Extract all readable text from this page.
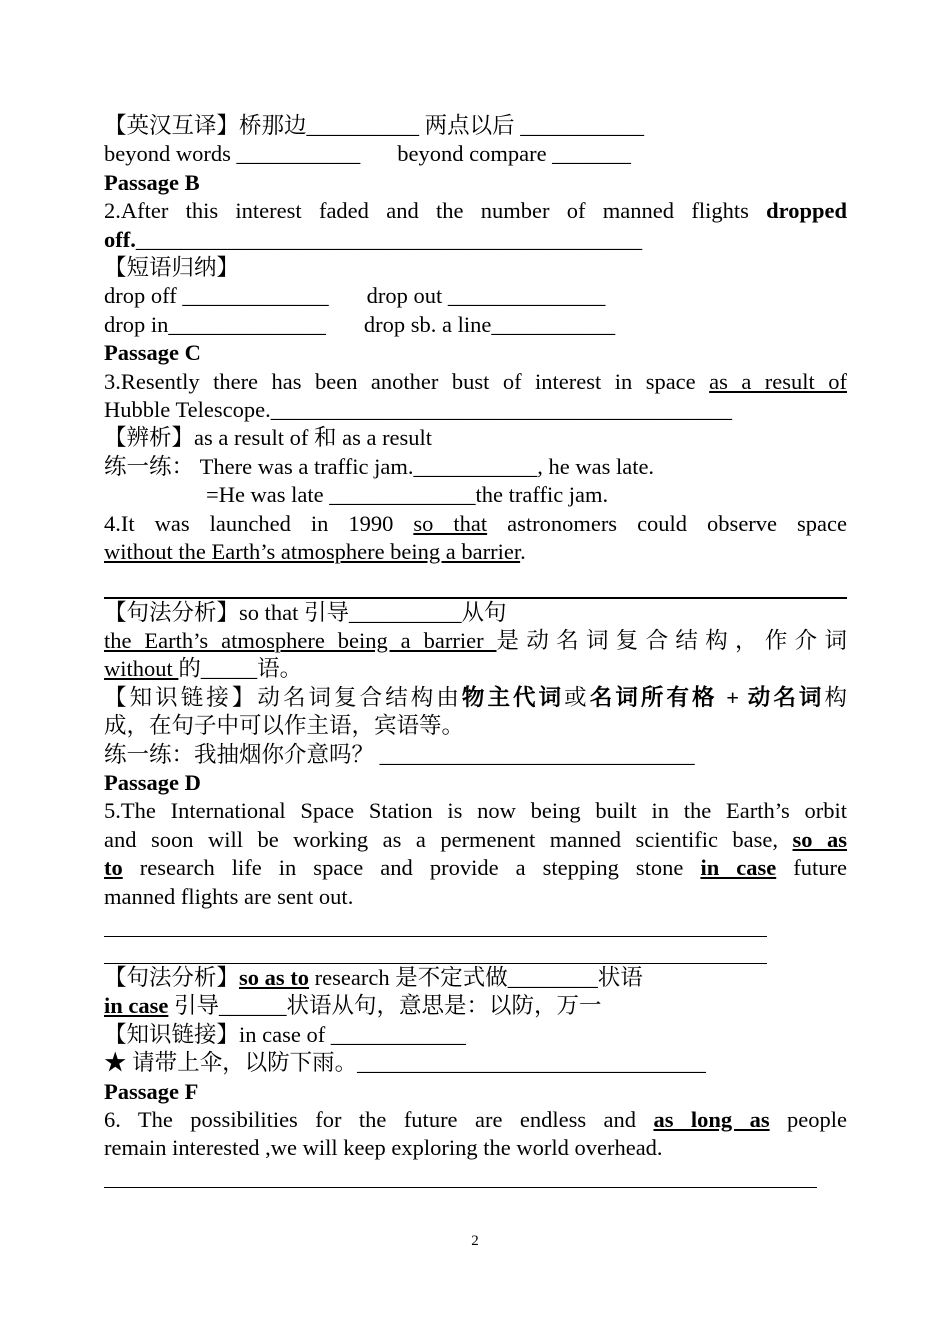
【英汉互译】桥那边__________ 两点以后 ___________
beyond words ___________ beyond compare _______
Passage B
2.After this interest faded and the number of manned flights dropped off._____________________________________________
【短语归纳】
drop off _____________ drop out ______________
drop in______________ drop sb. a line___________
Passage C
3.Resently there has been another bust of interest in space as a result of
Hubble Telescope._________________________________________
【辨析】as a result of 和 as a result
练一练： There was a traffic jam.___________, he was late.
=He was late _____________the traffic jam.
4.It was launched in 1990 so that astronomers could observe space
without the Earth’s atmosphere being a barrier.
【句法分析】so that 引导__________从句
the Earth’s atmosphere being a barrier 是动名词复合结构，作介词
without 的_____语。
【知识链接】动名词复合结构由物主代词或名词所有格 + 动名词构
成，在句子中可以作主语，宾语等。
练一练：我抽烟你介意吗？ ____________________________
Passage D
5.The International Space Station is now being built in the Earth’s orbit
and soon will be working as a permenent manned scientific base, so as
to research life in space and provide a stepping stone in case future
manned flights are sent out.
【句法分析】so as to research 是不定式做________状语
in case 引导______状语从句，意思是：以防，万一
【知识链接】in case of ____________
★ 请带上伞，以防下雨。_______________________________
Passage F
6. The possibilities for the future are endless and as long as people
remain interested ,we will keep exploring the world overhead.
2
